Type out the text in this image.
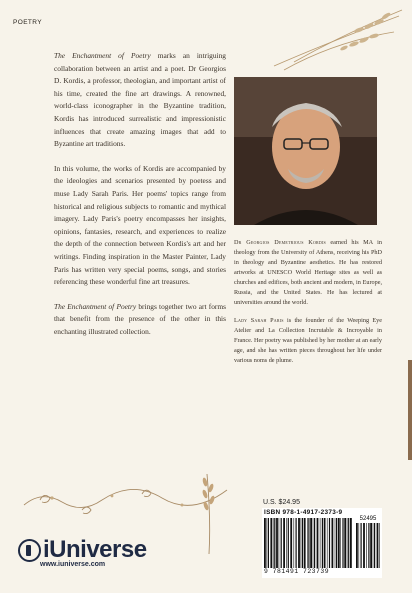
POETRY

The Enchantment of Poetry marks an intriguing collaboration between an artist and a poet. Dr Georgios D. Kordis, a professor, theologian, and important artist of his time, created the fine art drawings. A renowned, world-class iconographer in the Byzantine tradition, Kordis has introduced surrealistic and impressionistic influences that create amazing images that add to Byzantine art traditions.

In this volume, the works of Kordis are accompanied by the ideologies and scenarios presented by poetess and muse Lady Sarah Paris. Her poems' topics range from historical and religious subjects to romantic and mythical imagery. Lady Paris's poetry encompasses her insights, opinions, fantasies, research, and experiences to realize the depth of the connection between Kordis's art and her writings. Finding inspiration in the Master Painter, Lady Paris has written very special poems, songs, and stories referencing these wonderful fine art treasures.

The Enchantment of Poetry brings together two art forms that benefit from the presence of the other in this enchanting illustrated collection.

Dr Georgios Demetrious Kordis earned his MA in theology from the University of Athens, receiving his PhD in theology and Byzantine aesthetics. He has restored artworks at UNESCO World Heritage sites as well as churches and edifices, both ancient and modern, in Europe, Russia, and the United States. He has lectured at universities around the world.

Lady Sarah Paris is the founder of the Weeping Eye Atelier and La Collection Incrutable & Incroyable in France. Her poetry was published by her mother at an early age, and she has written pieces throughout her life under various noms de plume.

iUniverse
www.iuniverse.com
U.S. $24.95
ISBN 978-1-4917-2373-9
52495
9 781491 723739
